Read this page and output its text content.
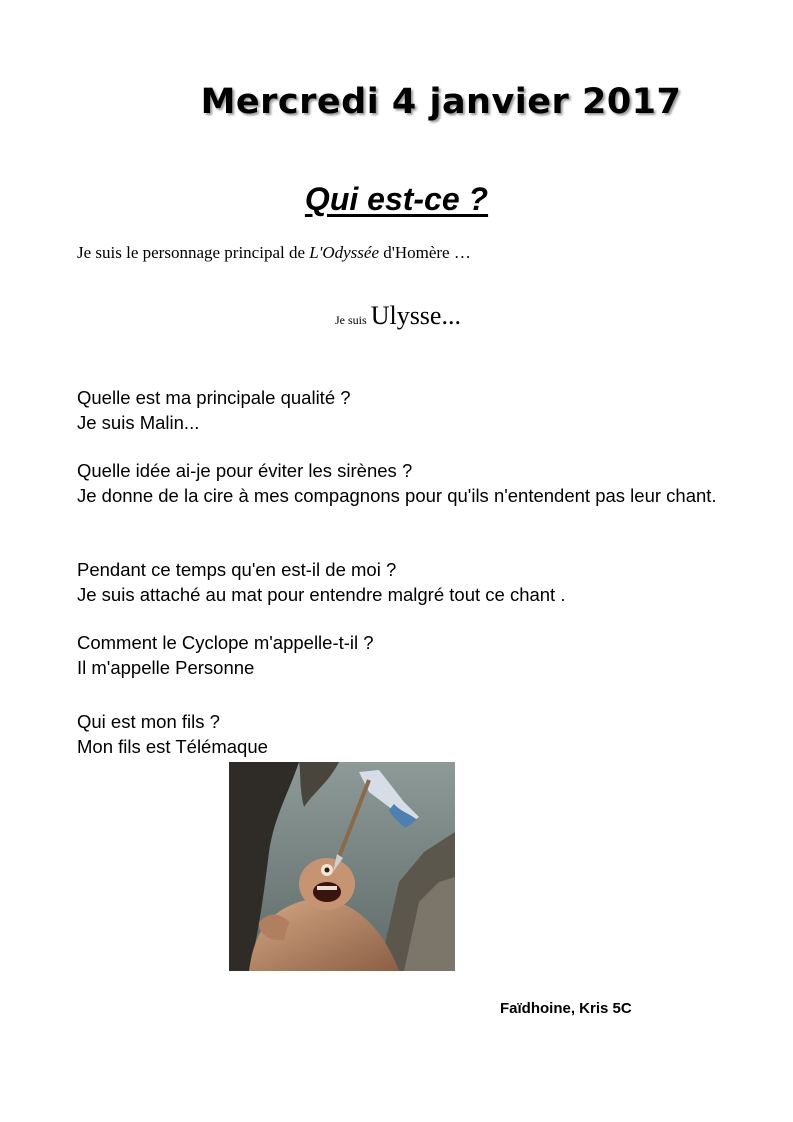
Mercredi 4 janvier 2017
Qui est-ce ?
Je suis le personnage principal de L'Odyssée d'Homère …
Je suis Ulysse...

Quelle est ma principale qualité ?

Je suis Malin...

Quelle idée ai-je pour éviter les sirènes ?

Je donne de la cire à mes compagnons pour qu'ils n'entendent pas leur chant.

Pendant ce temps qu'en est-il de moi ?

Je suis attaché au mat pour entendre malgré tout ce chant .

Comment le Cyclope m'appelle-t-il ?

Il m'appelle Personne

Qui est mon fils ?

Mon fils est Télémaque

Faïdhoine, Kris 5C
